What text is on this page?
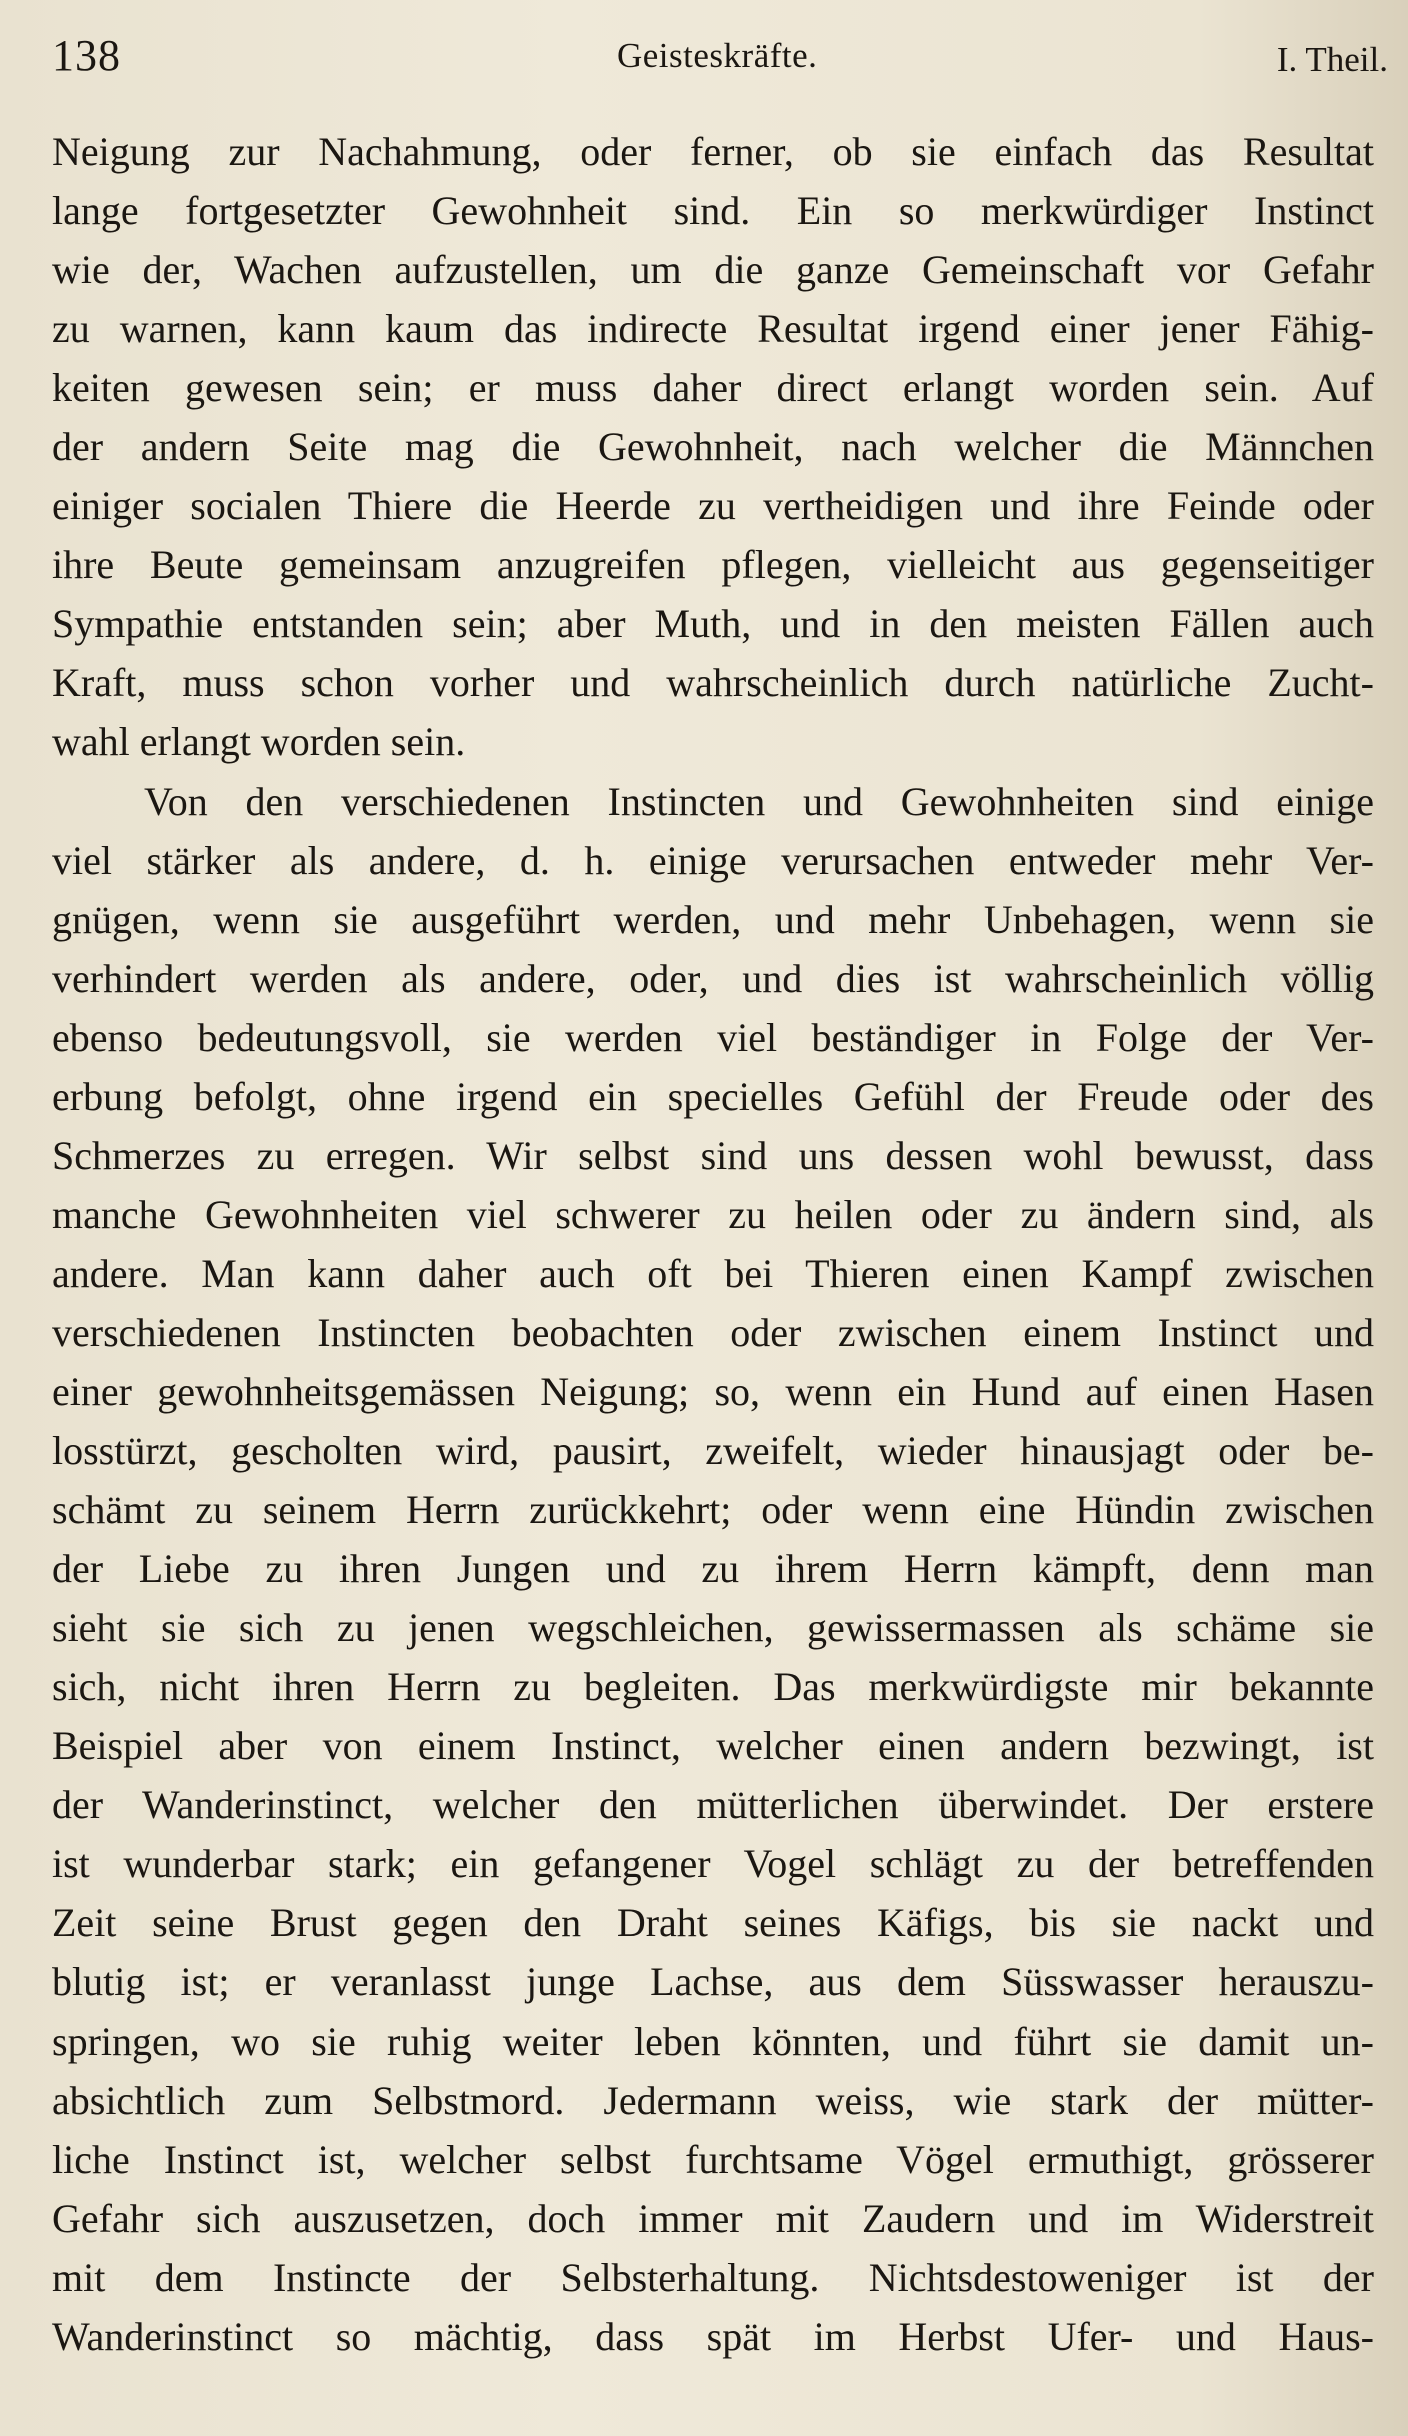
138	Geisteskräfte.	I. Theil.
Neigung zur Nachahmung, oder ferner, ob sie einfach das Resultat
lange fortgesetzter Gewohnheit sind. Ein so merkwürdiger Instinct
wie der, Wachen aufzustellen, um die ganze Gemeinschaft vor Gefahr
zu warnen, kann kaum das indirecte Resultat irgend einer jener Fähig-
keiten gewesen sein; er muss daher direct erlangt worden sein. Auf
der andern Seite mag die Gewohnheit, nach welcher die Männchen
einiger socialen Thiere die Heerde zu vertheidigen und ihre Feinde oder
ihre Beute gemeinsam anzugreifen pflegen, vielleicht aus gegenseitiger
Sympathie entstanden sein; aber Muth, und in den meisten Fällen auch
Kraft, muss schon vorher und wahrscheinlich durch natürliche Zucht-
wahl erlangt worden sein.
Von den verschiedenen Instincten und Gewohnheiten sind einige
viel stärker als andere, d. h. einige verursachen entweder mehr Ver-
gnügen, wenn sie ausgeführt werden, und mehr Unbehagen, wenn sie
verhindert werden als andere, oder, und dies ist wahrscheinlich völlig
ebenso bedeutungsvoll, sie werden viel beständiger in Folge der Ver-
erbung befolgt, ohne irgend ein specielles Gefühl der Freude oder des
Schmerzes zu erregen. Wir selbst sind uns dessen wohl bewusst, dass
manche Gewohnheiten viel schwerer zu heilen oder zu ändern sind, als
andere. Man kann daher auch oft bei Thieren einen Kampf zwischen
verschiedenen Instincten beobachten oder zwischen einem Instinct und
einer gewohnheitsgemässen Neigung; so, wenn ein Hund auf einen Hasen
losstürzt, gescholten wird, pausirt, zweifelt, wieder hinausjagt oder be-
schämt zu seinem Herrn zurückkehrt; oder wenn eine Hündin zwischen
der Liebe zu ihren Jungen und zu ihrem Herrn kämpft, denn man
sieht sie sich zu jenen wegschleichen, gewissermassen als schäme sie
sich, nicht ihren Herrn zu begleiten. Das merkwürdigste mir bekannte
Beispiel aber von einem Instinct, welcher einen andern bezwingt, ist
der Wanderinstinct, welcher den mütterlichen überwindet. Der erstere
ist wunderbar stark; ein gefangener Vogel schlägt zu der betreffenden
Zeit seine Brust gegen den Draht seines Käfigs, bis sie nackt und
blutig ist; er veranlasst junge Lachse, aus dem Süsswasser herauszu-
springen, wo sie ruhig weiter leben könnten, und führt sie damit un-
absichtlich zum Selbstmord. Jedermann weiss, wie stark der mütter-
liche Instinct ist, welcher selbst furchtsame Vögel ermuthigt, grösserer
Gefahr sich auszusetzen, doch immer mit Zaudern und im Widerstreit
mit dem Instincte der Selbsterhaltung. Nichtsdestoweniger ist der
Wanderinstinct so mächtig, dass spät im Herbst Ufer- und Haus-
